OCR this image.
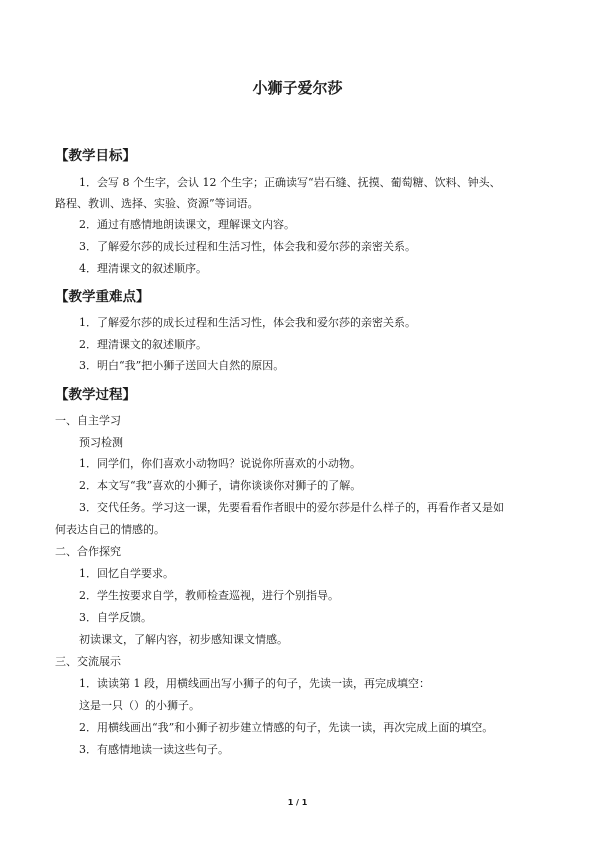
小狮子爱尔莎
【教学目标】
1．会写 8 个生字，会认 12 个生字；正确读写“岩石缝、抚摸、葡萄糖、饮料、钟头、
路程、教训、选择、实验、资源”等词语。
2．通过有感情地朗读课文，理解课文内容。
3．了解爱尔莎的成长过程和生活习性，体会我和爱尔莎的亲密关系。
4．理清课文的叙述顺序。
【教学重难点】
1．了解爱尔莎的成长过程和生活习性，体会我和爱尔莎的亲密关系。
2．理清课文的叙述顺序。
3．明白“我”把小狮子送回大自然的原因。
【教学过程】
一、自主学习
预习检测
1．同学们，你们喜欢小动物吗？说说你所喜欢的小动物。
2．本文写“我”喜欢的小狮子，请你谈谈你对狮子的了解。
3．交代任务。学习这一课，先要看看作者眼中的爱尔莎是什么样子的，再看作者又是如
何表达自己的情感的。
二、合作探究
1．回忆自学要求。
2．学生按要求自学，教师检查巡视，进行个别指导。
3．自学反馈。
初读课文，了解内容，初步感知课文情感。
三、交流展示
1．读读第 1 段，用横线画出写小狮子的句子，先读一读，再完成填空：
这是一只（）的小狮子。
2．用横线画出“我”和小狮子初步建立情感的句子，先读一读，再次完成上面的填空。
3．有感情地读一读这些句子。
1 / 1
